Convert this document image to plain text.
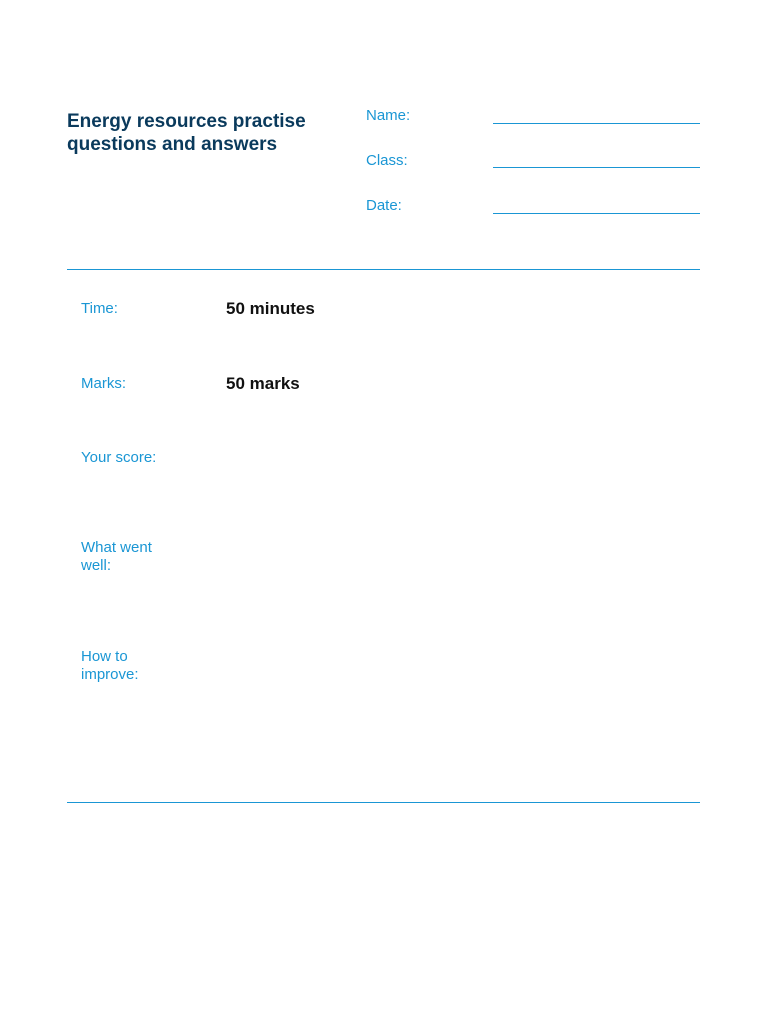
Energy resources practise questions and answers
Name:
Class:
Date:
Time:	50 minutes
Marks:	50 marks
Your score:
What went well:
How to improve:
